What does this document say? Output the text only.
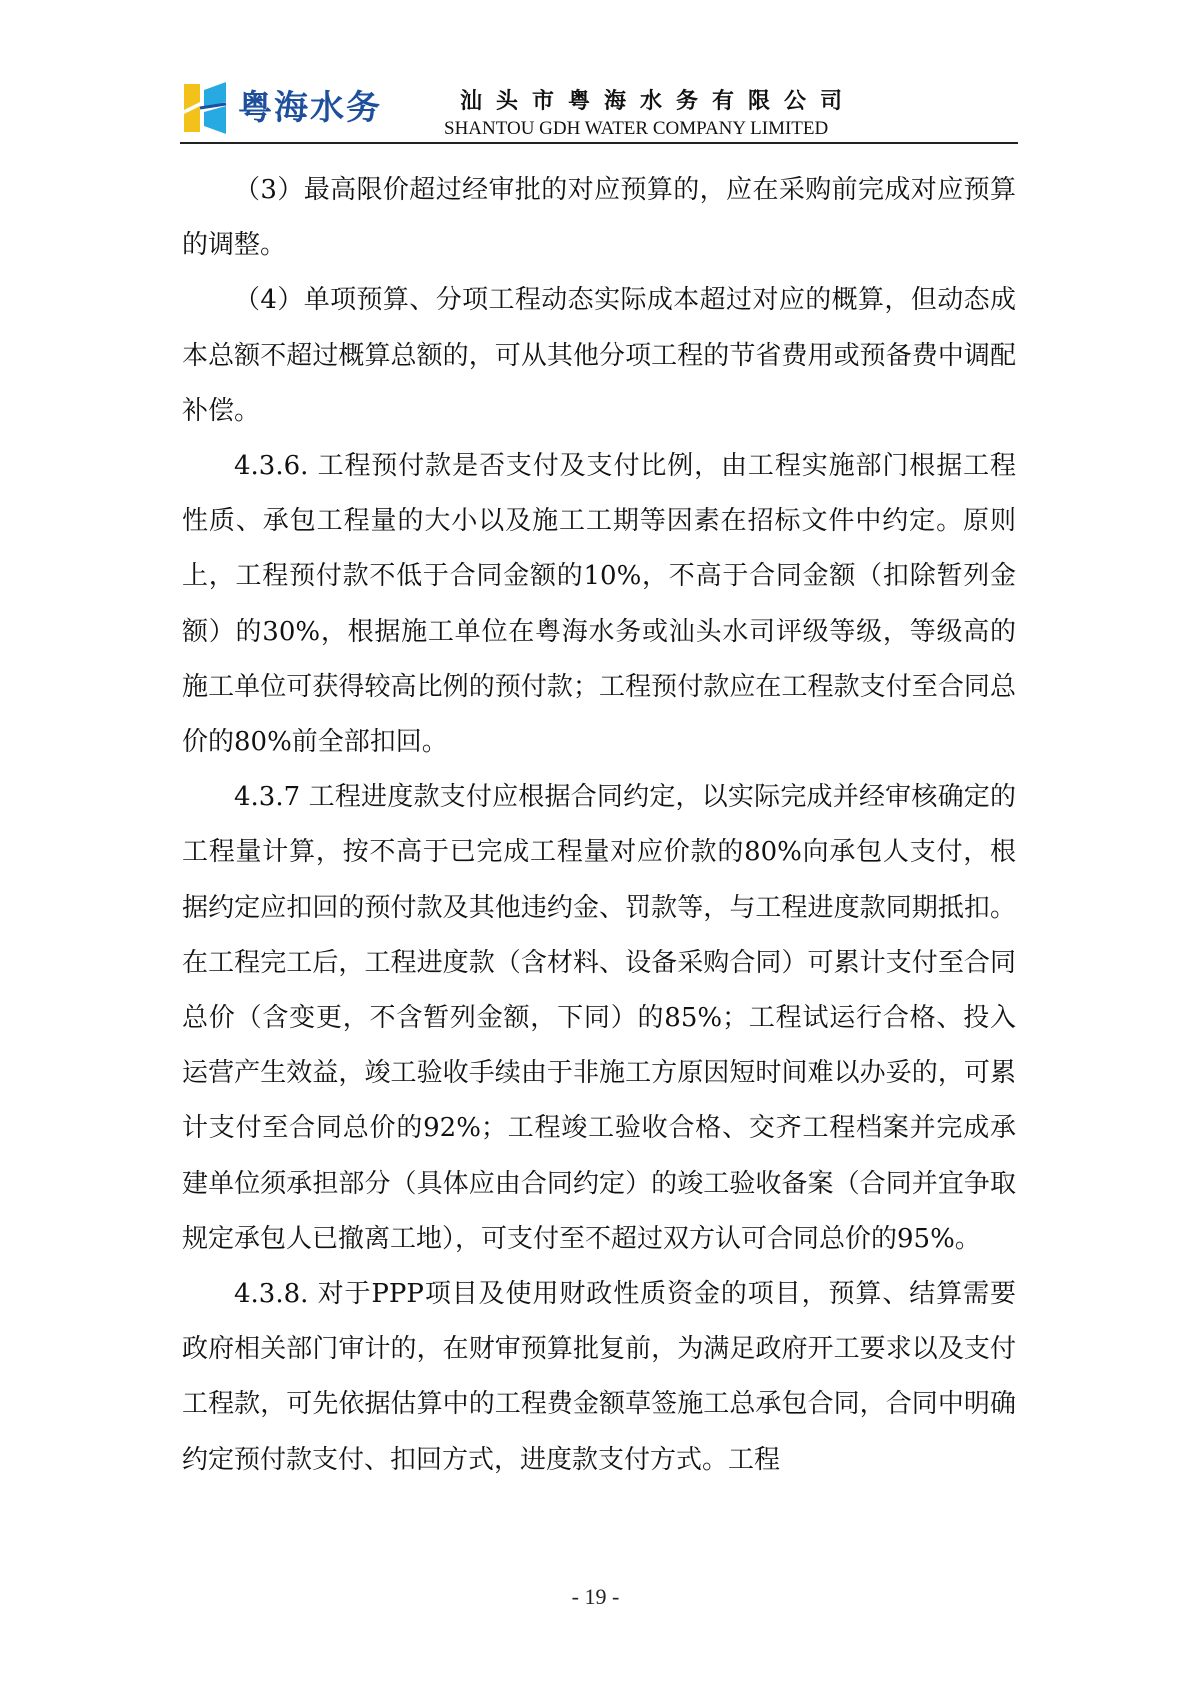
粤海水务	汕头市粤海水务有限公司
SHANTOU GDH WATER COMPANY LIMITED

（3）最高限价超过经审批的对应预算的，应在采购前完成对应预算的调整。

（4）单项预算、分项工程动态实际成本超过对应的概算，但动态成本总额不超过概算总额的，可从其他分项工程的节省费用或预备费中调配补偿。

4.3.6. 工程预付款是否支付及支付比例，由工程实施部门根据工程性质、承包工程量的大小以及施工工期等因素在招标文件中约定。原则上，工程预付款不低于合同金额的10%，不高于合同金额（扣除暂列金额）的30%，根据施工单位在粤海水务或汕头水司评级等级，等级高的施工单位可获得较高比例的预付款；工程预付款应在工程款支付至合同总价的80%前全部扣回。

4.3.7 工程进度款支付应根据合同约定，以实际完成并经审核确定的工程量计算，按不高于已完成工程量对应价款的80%向承包人支付，根据约定应扣回的预付款及其他违约金、罚款等，与工程进度款同期抵扣。在工程完工后，工程进度款（含材料、设备采购合同）可累计支付至合同总价（含变更，不含暂列金额，下同）的85%；工程试运行合格、投入运营产生效益，竣工验收手续由于非施工方原因短时间难以办妥的，可累计支付至合同总价的92%；工程竣工验收合格、交齐工程档案并完成承建单位须承担部分（具体应由合同约定）的竣工验收备案（合同并宜争取规定承包人已撤离工地），可支付至不超过双方认可合同总价的95%。

4.3.8. 对于PPP项目及使用财政性质资金的项目，预算、结算需要政府相关部门审计的，在财审预算批复前，为满足政府开工要求以及支付工程款，可先依据估算中的工程费金额草签施工总承包合同，合同中明确约定预付款支付、扣回方式，进度款支付方式。工程

- 19 -
